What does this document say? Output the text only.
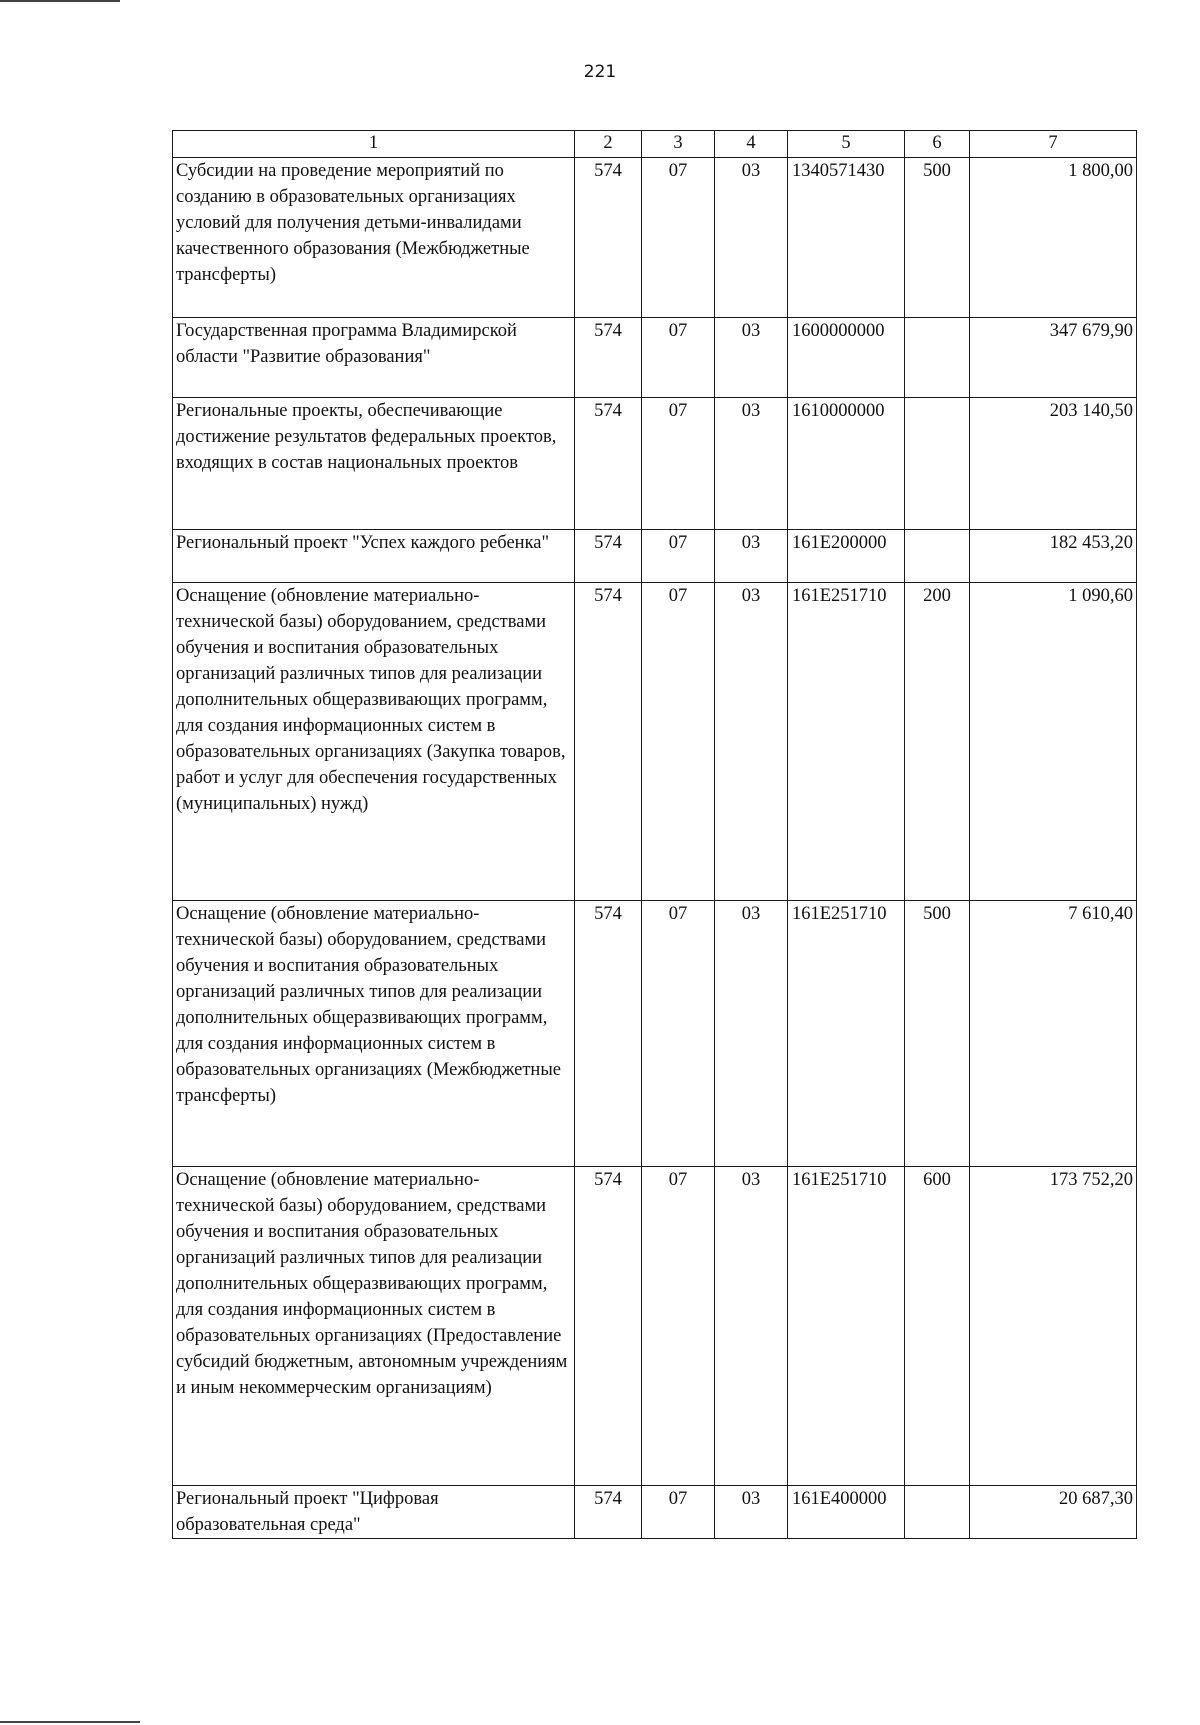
221
1	2	3	4	5	6	7
Субсидии на проведение мероприятий по созданию в образовательных организациях условий для получения детьми-инвалидами качественного образования (Межбюджетные трансферты)	574	07	03	1340571430	500	1 800,00
Государственная программа Владимирской области "Развитие образования"	574	07	03	1600000000		347 679,90
Региональные проекты, обеспечивающие достижение результатов федеральных проектов, входящих в состав национальных проектов	574	07	03	1610000000		203 140,50
Региональный проект "Успех каждого ребенка"	574	07	03	161E200000		182 453,20
Оснащение (обновление материально-технической базы) оборудованием, средствами обучения и воспитания образовательных организаций различных типов для реализации дополнительных общеразвивающих программ, для создания информационных систем в образовательных организациях (Закупка товаров, работ и услуг для обеспечения государственных (муниципальных) нужд)	574	07	03	161E251710	200	1 090,60
Оснащение (обновление материально-технической базы) оборудованием, средствами обучения и воспитания образовательных организаций различных типов для реализации дополнительных общеразвивающих программ, для создания информационных систем в образовательных организациях (Межбюджетные трансферты)	574	07	03	161E251710	500	7 610,40
Оснащение (обновление материально-технической базы) оборудованием, средствами обучения и воспитания образовательных организаций различных типов для реализации дополнительных общеразвивающих программ, для создания информационных систем в образовательных организациях (Предоставление субсидий бюджетным, автономным учреждениям и иным некоммерческим организациям)	574	07	03	161E251710	600	173 752,20
Региональный проект "Цифровая образовательная среда"	574	07	03	161E400000		20 687,30
